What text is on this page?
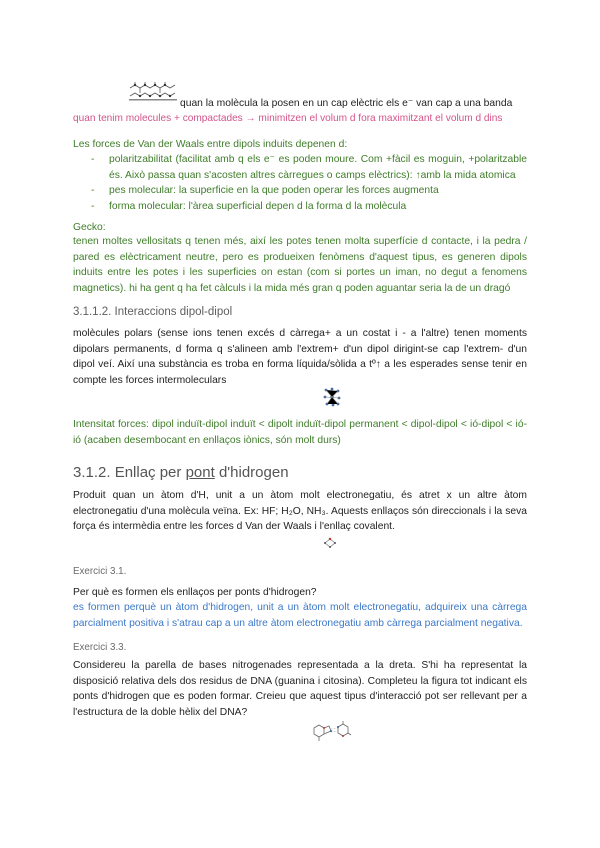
quan la molècula la posen en un cap elèctric els e⁻ van cap a una banda

quan tenim molecules + compactades → minimitzen el volum d fora maximitzant el volum d dins

Les forces de Van der Waals entre dipols induits depenen d:

- polaritzabilitat (facilitat amb q els e⁻ es poden moure. Com +fàcil es moguin, +polaritzable és. Això passa quan s'acosten altres càrregues o camps elèctrics): ↑amb la mida atomica
- pes molecular: la superficie en la que poden operar les forces augmenta
- forma molecular: l'àrea superficial depen d la forma d la molècula

Gecko:

tenen moltes vellositats q tenen més, així les potes tenen molta superfície d contacte, i la pedra / pared es elèctricament neutre, pero es produeixen fenòmens d'aquest tipus, es generen dipols induits entre les potes i les superficies on estan (com si portes un iman, no degut a fenomens magnetics). hi ha gent q ha fet càlculs i la mida més gran q poden aguantar seria la de un dragó

3.1.1.2. Interaccions dipol-dipol

molècules polars (sense ions tenen excés d càrrega+ a un costat i - a l'altre) tenen moments dipolars permanents, d forma q s'alineen amb l'extrem+ d'un dipol dirigint-se cap l'extrem- d'un dipol veí. Així una substància es troba en forma líquida/sòlida a tº↑ a les esperades sense tenir en compte les forces intermoleculars

Intensitat forces: dipol induït-dipol induït < dipolt induït-dipol permanent < dipol-dipol < ió-dipol < ió-ió (acaben desembocant en enllaços iònics, són molt durs)

3.1.2. Enllaç per pont d'hidrogen

Produit quan un àtom d'H, unit a un àtom molt electronegatiu, és atret x un altre àtom electronegatiu d'una molècula veïna. Ex: HF; H₂O, NH₃. Aquests enllaços són direccionals i la seva força és intermèdia entre les forces d Van der Waals i l'enllaç covalent.

Exercici 3.1.

Per què es formen els enllaços per ponts d'hidrogen?

es formen perquè un àtom d'hidrogen, unit a un àtom molt electronegatiu, adquireix una càrrega parcialment positiva i s'atrau cap a un altre àtom electronegatiu amb càrrega parcialment negativa.

Exercici 3.3.

Considereu la parella de bases nitrogenades representada a la dreta. S'hi ha representat la disposició relativa dels dos residus de DNA (guanina i citosina). Completeu la figura tot indicant els ponts d'hidrogen que es poden formar. Creieu que aquest tipus d'interacció pot ser rellevant per a l'estructura de la doble hèlix del DNA?
